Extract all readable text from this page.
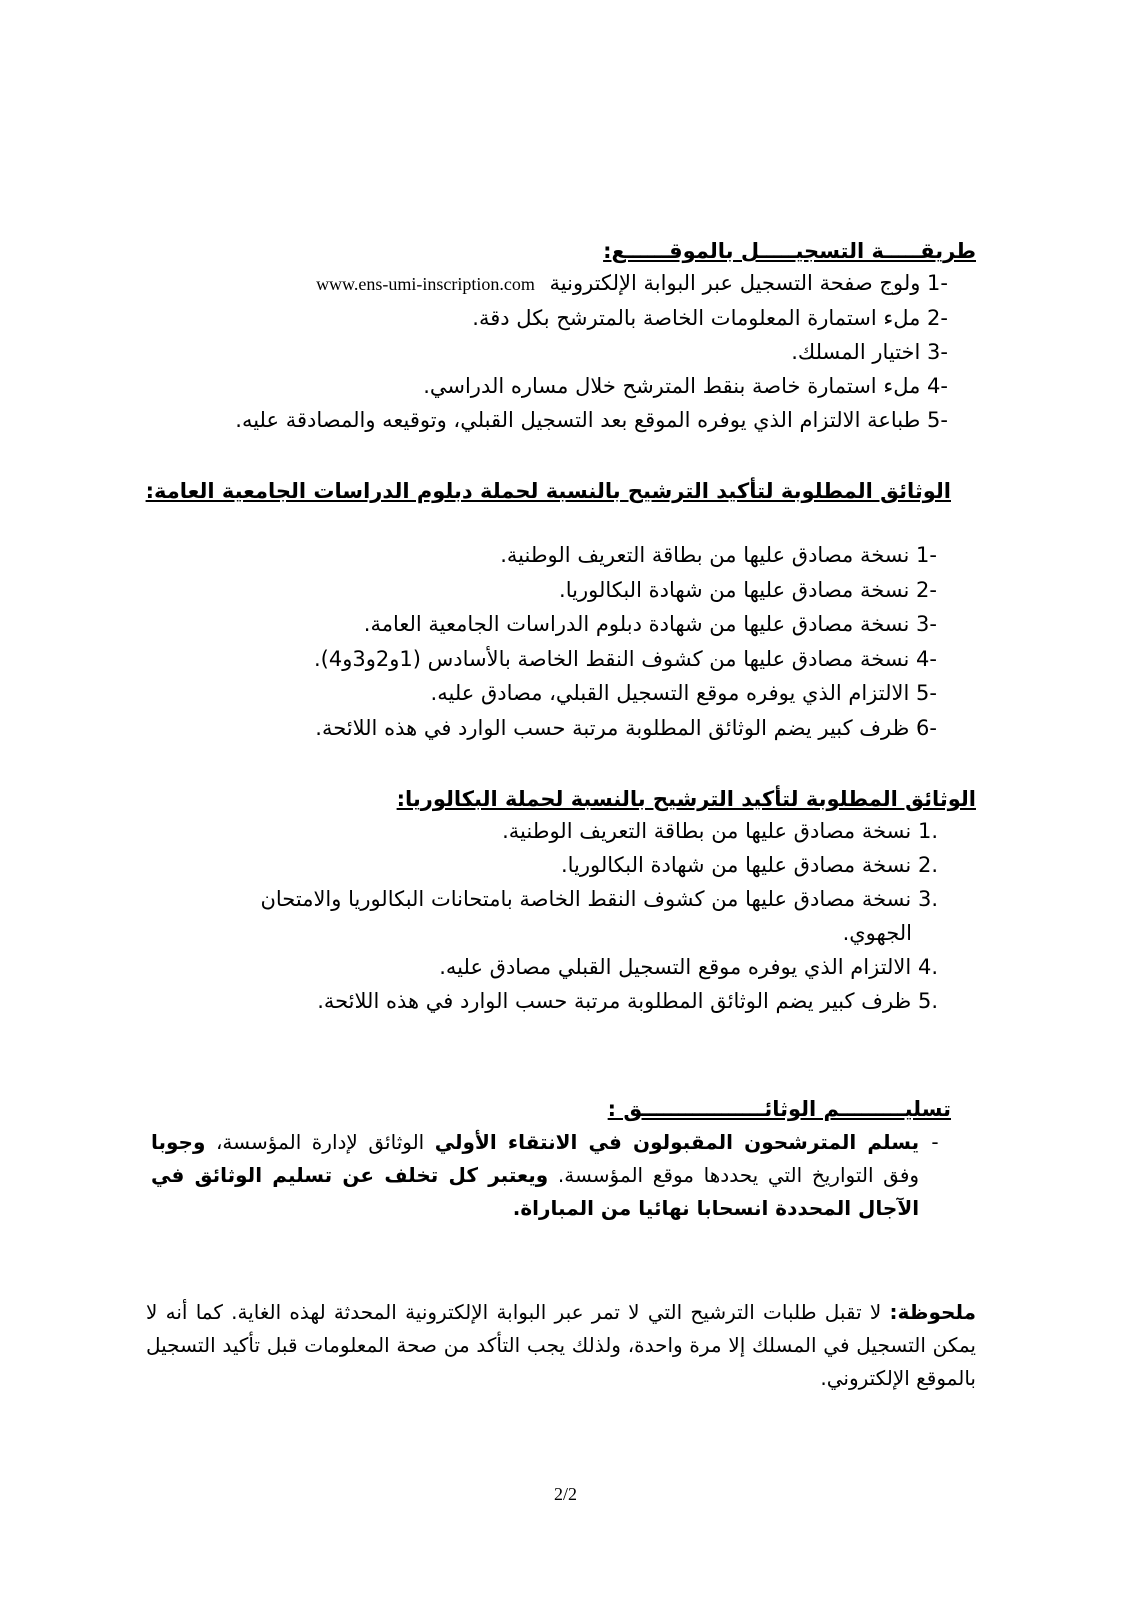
طريقـــــة التسجيـــــل بالموقــــــع:
-1 ولوج صفحة التسجيل عبر البوابة الإلكترونية www.ens-umi-inscription.com
-2 ملء استمارة المعلومات الخاصة بالمترشح بكل دقة.
-3 اختيار المسلك.
-4 ملء استمارة خاصة بنقط المترشح خلال مساره الدراسي.
-5 طباعة الالتزام الذي يوفره الموقع بعد التسجيل القبلي، وتوقيعه والمصادقة عليه.
الوثائق المطلوبة لتأكيد الترشيح بالنسبة لحملة دبلوم الدراسات الجامعية العامة:
-1 نسخة مصادق عليها من بطاقة التعريف الوطنية.
-2 نسخة مصادق عليها من شهادة البكالوريا.
-3 نسخة مصادق عليها من شهادة دبلوم الدراسات الجامعية العامة.
-4 نسخة مصادق عليها من كشوف النقط الخاصة بالأسادس (1و2و3و4).
-5 الالتزام الذي يوفره موقع التسجيل القبلي، مصادق عليه.
-6 ظرف كبير يضم الوثائق المطلوبة مرتبة حسب الوارد في هذه اللائحة.
الوثائق المطلوبة لتأكيد الترشيح بالنسبة لحملة البكالوريا:
.1 نسخة مصادق عليها من بطاقة التعريف الوطنية.
.2 نسخة مصادق عليها من شهادة البكالوريا.
.3 نسخة مصادق عليها من كشوف النقط الخاصة بامتحانات البكالوريا والامتحان
الجهوي.
.4 الالتزام الذي يوفره موقع التسجيل القبلي مصادق عليه.
.5 ظرف كبير يضم الوثائق المطلوبة مرتبة حسب الوارد في هذه اللائحة.
تسليـــــــــم الوثائـــــــــــــــــق :
-
يسلم المترشحون المقبولون في الانتقاء الأولي الوثائق لإدارة المؤسسة، وجوبا وفق التواريخ التي يحددها موقع المؤسسة. ويعتبر كل تخلف عن تسليم الوثائق في الآجال المحددة انسحابا نهائيا من المباراة.
ملحوظة: لا تقبل طلبات الترشيح التي لا تمر عبر البوابة الإلكترونية المحدثة لهذه الغاية. كما أنه لا يمكن التسجيل في المسلك إلا مرة واحدة، ولذلك يجب التأكد من صحة المعلومات قبل تأكيد التسجيل بالموقع الإلكتروني.
2/2
